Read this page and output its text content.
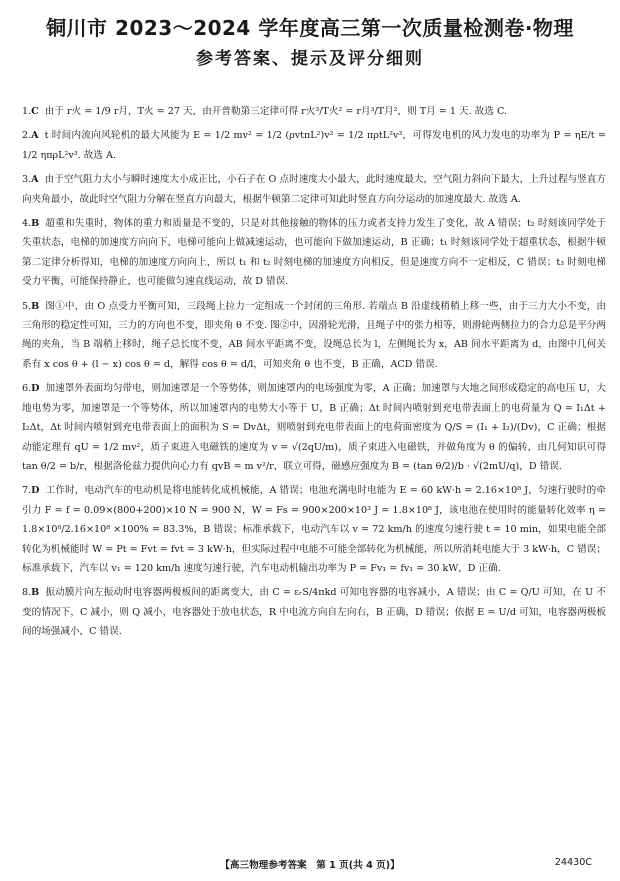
铜川市 2023～2024 学年度高三第一次质量检测卷·物理
参考答案、提示及评分细则
1.C 由于 r火 = 1/9 r月，T火 = 27 天，由开普勒第三定律可得 r火³/T火² = r月³/T月²，则 T月 = 1 天. 故选 C.
2.A t 时间内流向风轮机的最大风能为 E = 1/2 mv² = 1/2 (ρvtπL²)v² = 1/2 πρtL²v³，可得发电机的风力发电的功率为 P = ηE/t = 1/2 ηπρL²v³. 故选 A.
3.A 由于空气阻力大小与瞬时速度大小成正比，小石子在 O 点时速度大小最大，此时速度最大，空气阻力斜向下最大，上升过程与竖直方向夹角最小，故此时空气阻力分解在竖直方向最大，根据牛顿第二定律可知此时竖直方向分运动的加速度最大. 故选 A.
4.B 超重和失重时，物体的重力和质量是不变的，只是对其他接触的物体的压力或者支持力发生了变化，故 A 错误；t₂ 时刻该同学处于失重状态，电梯的加速度方向向下，电梯可能向上做减速运动，也可能向下做加速运动，B 正确；t₁ 时刻该同学处于超重状态，根据牛顿第二定律分析得知，电梯的加速度方向向上，所以 t₁ 和 t₂ 时刻电梯的加速度方向相反，但是速度方向不一定相反，C 错误；t₃ 时刻电梯受力平衡，可能保持静止，也可能做匀速直线运动，故 D 错误.
5.B 图①中，由 O 点受力平衡可知，三段绳上拉力一定组成一个封闭的三角形. 若端点 B 沿虚线稍稍上移一些，由于三力大小不变，由三角形的稳定性可知，三力的方向也不变，即夹角 θ 不变. 图②中，因滑轮光滑，且绳子中的张力相等，则滑轮两侧拉力的合力总是平分两绳的夹角，当 B 端稍上移时，绳子总长度不变，AB 间水平距离不变，设绳总长为 l，左侧绳长为 x，AB 间水平距离为 d，由图中几何关系有 x cos θ + (l − x) cos θ = d，解得 cos θ = d/l，可知夹角 θ 也不变，B 正确，ACD 错误.
6.D 加速罩外表面均匀带电，则加速罩是一个等势体，则加速罩内的电场强度为零，A 正确；加速罩与大地之间形成稳定的高电压 U，大地电势为零，加速罩是一个等势体，所以加速罩内的电势大小等于 U，B 正确；Δt 时间内喷射到充电带表面上的电荷量为 Q = I₁Δt + I₂Δt，Δt 时间内喷射到充电带表面上的面积为 S = DvΔt，则喷射到充电带表面上的电荷面密度为 Q/S = (I₁ + I₂)/(Dv)，C 正确；根据动能定理有 qU = 1/2 mv²，质子束进入电磁铁的速度为 v = √(2qU/m)，质子束进入电磁铁，并做角度为 θ 的偏转，由几何知识可得 tan θ/2 = b/r，根据洛伦兹力提供向心力有 qvB = m v²/r，联立可得，磁感应强度为 B = (tan θ/2)/b · √(2mU/q)，D 错误.
7.D 工作时，电动汽车的电动机是将电能转化成机械能，A 错误；电池充满电时电能为 E = 60 kW·h = 2.16×10⁸ J，匀速行驶时的牵引力 F = f = 0.09×(800+200)×10 N = 900 N，W = Fs = 900×200×10³ J = 1.8×10⁸ J，该电池在使用时的能量转化效率 η = 1.8×10⁸/2.16×10⁸ ×100% = 83.3%，B 错误；标准承载下，电动汽车以 v = 72 km/h 的速度匀速行驶 t = 10 min，如果电能全部转化为机械能时 W = Pt = Fvt = fvt = 3 kW·h，但实际过程中电能不可能全部转化为机械能，所以所消耗电能大于 3 kW·h，C 错误；标准承载下，汽车以 v₁ = 120 km/h 速度匀速行驶，汽车电动机输出功率为 P = Fv₁ = fv₁ = 30 kW，D 正确.
8.B 振动膜片向左振动时电容器两极板间的距离变大，由 C = εᵣS/4πkd 可知电容器的电容减小，A 错误；由 C = Q/U 可知，在 U 不变的情况下，C 减小，则 Q 减小，电容器处于放电状态，R 中电流方向自左向右，B 正确，D 错误；依据 E = U/d 可知，电容器两极板间的场强减小，C 错误.
【高三物理参考答案　第 1 页(共 4 页)】	24430C
